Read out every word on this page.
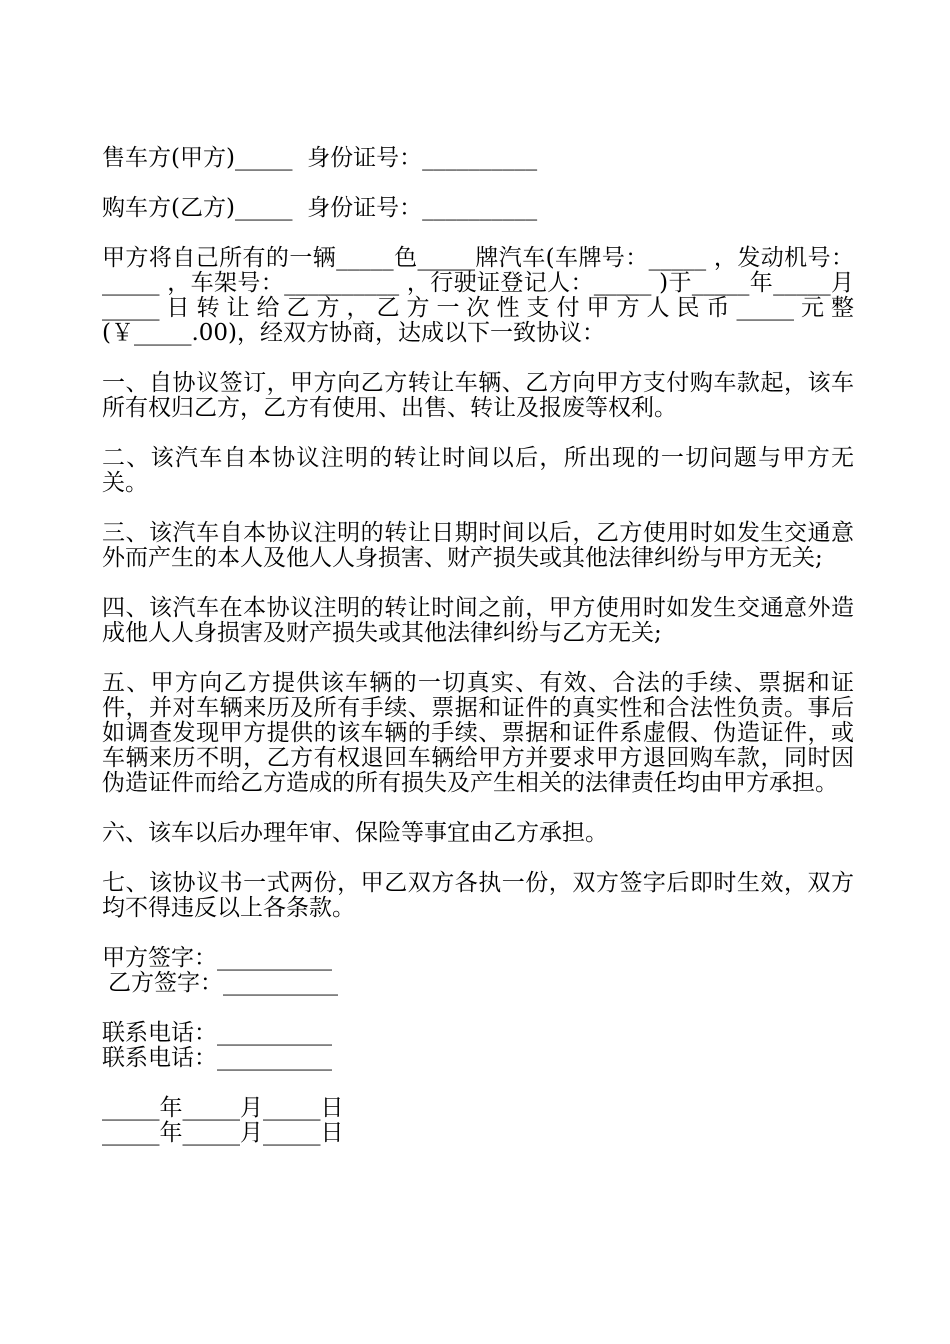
售车方(甲方)_____  身份证号：__________

购车方(乙方)_____  身份证号：__________

甲方将自己所有的一辆_____色_____牌汽车(车牌号：_____ ，发动机号：_____ ，车架号：__________ ，行驶证登记人：_____ )于_____年_____月_____日转让给乙方，乙方一次性支付甲方人民币_____元整(￥_____.00)，经双方协商，达成以下一致协议：

一、自协议签订，甲方向乙方转让车辆、乙方向甲方支付购车款起，该车所有权归乙方，乙方有使用、出售、转让及报废等权利。

二、该汽车自本协议注明的转让时间以后，所出现的一切问题与甲方无关。

三、该汽车自本协议注明的转让日期时间以后，乙方使用时如发生交通意外而产生的本人及他人人身损害、财产损失或其他法律纠纷与甲方无关;

四、该汽车在本协议注明的转让时间之前，甲方使用时如发生交通意外造成他人人身损害及财产损失或其他法律纠纷与乙方无关;

五、甲方向乙方提供该车辆的一切真实、有效、合法的手续、票据和证件，并对车辆来历及所有手续、票据和证件的真实性和合法性负责。事后如调查发现甲方提供的该车辆的手续、票据和证件系虚假、伪造证件，或车辆来历不明，乙方有权退回车辆给甲方并要求甲方退回购车款，同时因伪造证件而给乙方造成的所有损失及产生相关的法律责任均由甲方承担。

六、该车以后办理年审、保险等事宜由乙方承担。

七、该协议书一式两份，甲乙双方各执一份，双方签字后即时生效，双方均不得违反以上各条款。

甲方签字：__________

乙方签字：__________

联系电话：__________

联系电话：__________

_____年_____月_____日

_____年_____月_____日
